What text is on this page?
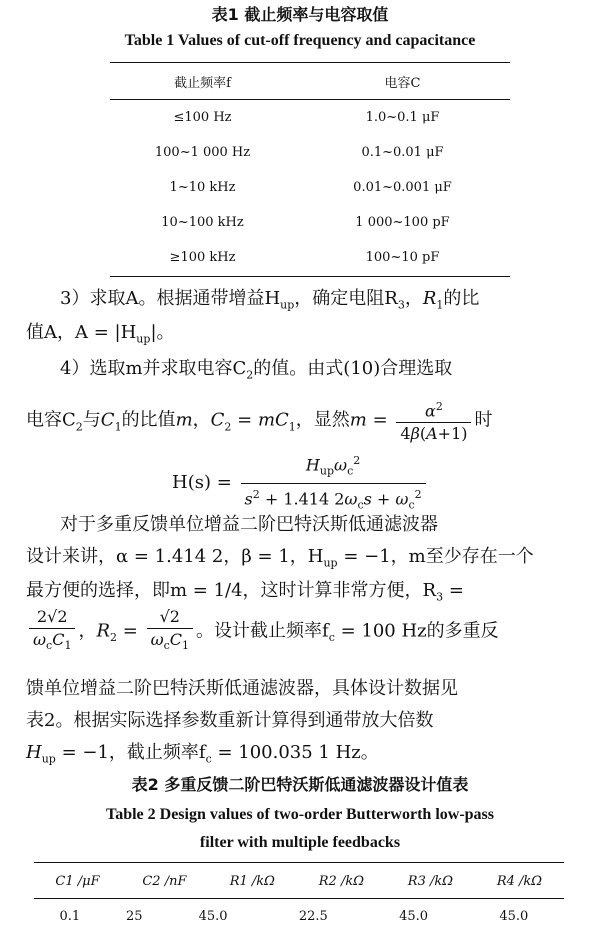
表1 截止频率与电容取值
Table 1 Values of cut-off frequency and capacitance
截止频率f	电容C
≤100 Hz	1.0~0.1 μF
100~1 000 Hz	0.1~0.01 μF
1~10 kHz	0.01~0.001 μF
10~100 kHz	1 000~100 pF
≥100 kHz	100~10 pF
3）求取A。根据通带增益$H_{up}$，确定电阻$R_3$，$R_1$的比
值A，$A = |H_{up}|$。
4）选取m并求取电容$C_2$的值。由式(10)合理选取
电容$C_2$与$C_1$的比值m，$C_2 = mC_1$，显然$m = \frac{\alpha^2}{4\beta(A+1)}$ 时
$H(s) = \frac{H_{up}\omega_c^2}{s^2 + 1.414 2\omega_cs + \omega_c^2}$
对于多重反馈单位增益二阶巴特沃斯低通滤波器
设计来讲，α = 1.414 2，β = 1，$H_{up} = -1$，m至少存在一个
最方便的选择，即m = 1/4，这时计算非常方便，$R_3$ =
$\frac{2√2}{\omega_cC_1}$ ，$R_2 = \frac{√2}{\omega_cC_1}$ 。设计截止频率$f_c = 100$ Hz的多重反
馈单位增益二阶巴特沃斯低通滤波器，具体设计数据见
表2。根据实际选择参数重新计算得到通带放大倍数
$H_{up} = -1$，截止频率$f_c = 100.035$ 1 Hz。
表2 多重反馈二阶巴特沃斯低通滤波器设计值表
Table 2 Design values of two-order Butterworth low-pass
filter with multiple feedbacks
C1 /μF	C2 /nF	R1 /kΩ	R2 /kΩ	R3 /kΩ	R4 /kΩ
0.1	25	45.0	22.5	45.0	45.0
